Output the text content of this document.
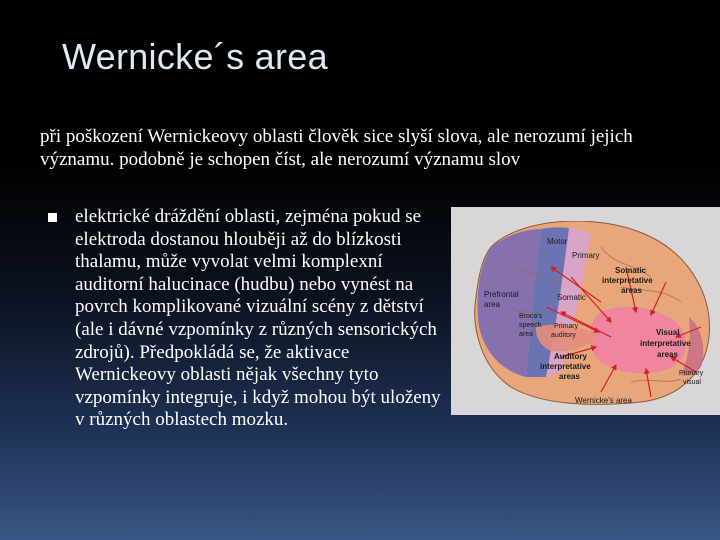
Wernicke´s area
při poškození Wernickeovy oblasti člověk sice slyší slova, ale nerozumí jejich významu. podobně je schopen číst, ale nerozumí významu slov
elektrické dráždění oblasti, zejména pokud se elektroda dostanou hlouběji až do blízkosti thalamu, může vyvolat velmi komplexní auditorní halucinace (hudbu) nebo vynést na povrch komplikované vizuální scény z dětství (ale i dávné vzpomínky z různých sensorických zdrojů). Předpokládá se, že aktivace Wernickeovy oblasti nějak všechny tyto vzpomínky integruje, i když mohou být uloženy v různých oblastech mozku.
Motor
Primary
Somatic
interpretative
areas
Prefrontal
area
Somatic
Broca's
speech
area
Primary
auditory
Auditory
interpretative
areas
Visual
interpretative
areas
Primary
visual
Wernicke's area
